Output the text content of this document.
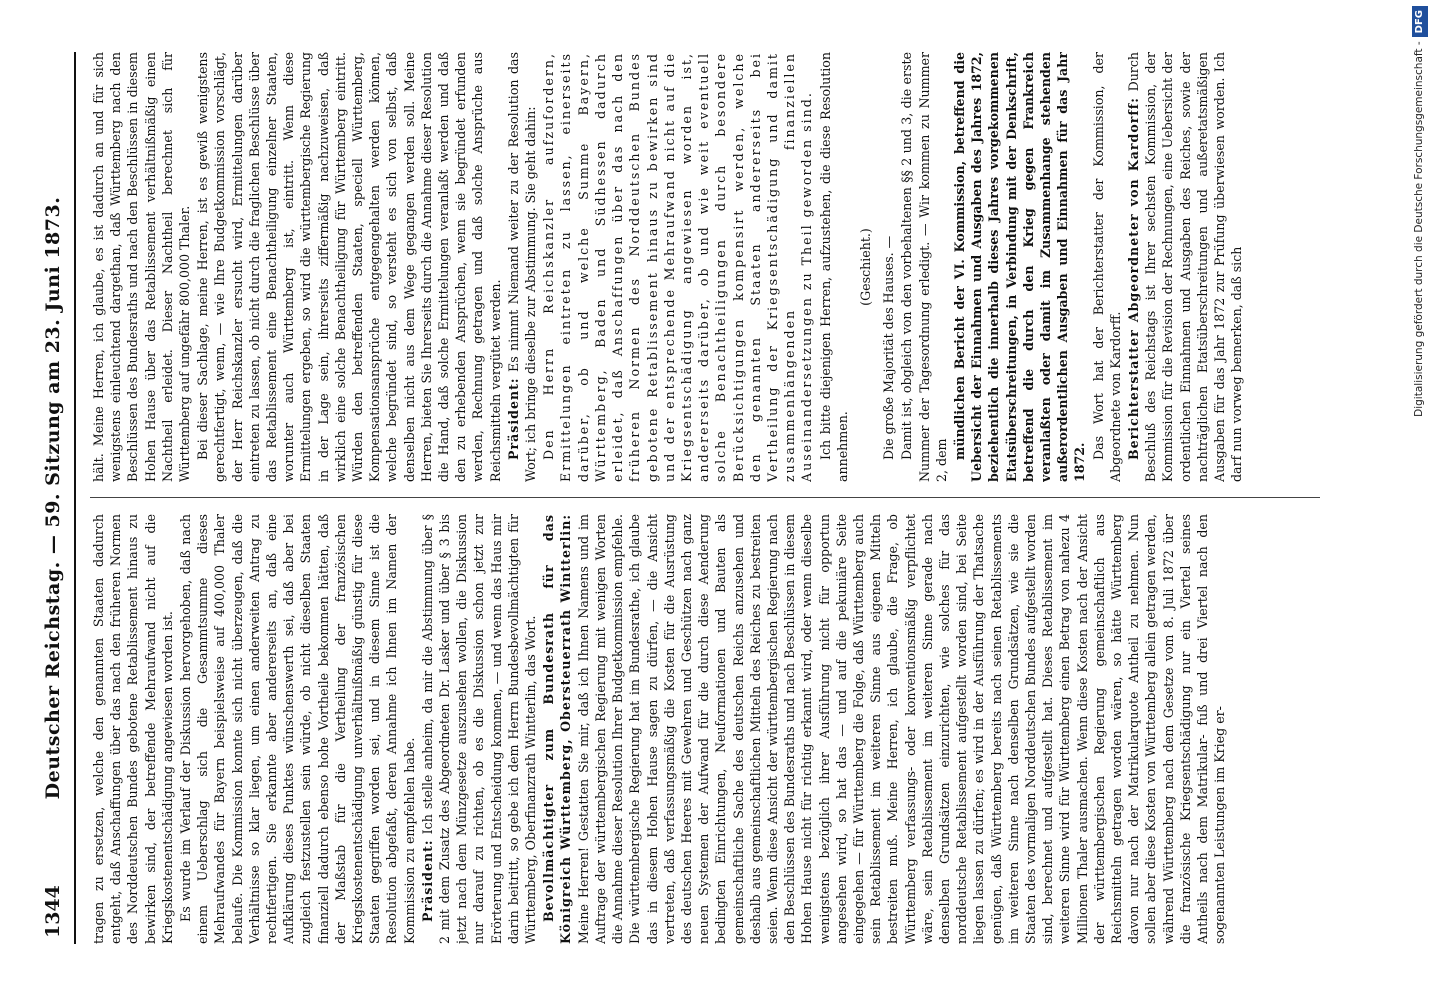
1344
Deutscher Reichstag. — 59. Sitzung am 23. Juni 1873. tragen zu ersetzen, welche den genannten Staaten dadurch entgeht, daß Anschaffungen über das nach den früheren Normen des Norddeutschen Bundes gebotene Retablissement hinaus zu bewirken sind, der betreffende Mehraufwand nicht auf die Kriegskostenentschädigung angewiesen worden ist. Es wurde im Verlauf der Diskussion hervorgehoben, daß nach einem Ueberschlag sich die Gesammtsumme dieses Mehraufwandes für Bayern beispielsweise auf 400,000 Thaler belaufe. Die Kommission konnte sich nicht überzeugen, daß die Verhältnisse so klar liegen, um einen anderweiten Antrag zu rechtfertigen. Sie erkannte aber andererseits an, daß eine Aufklärung dieses Punktes wünschenswerth sei, daß aber bei zugleich festzustellen sein würde, ob nicht dieselben Staaten finanziell dadurch ebenso hohe Vortheile bekommen hätten, daß der Maßstab für die Vertheilung der französischen Kriegskostenentschädigung unverhältnißmäßig günstig für diese Staaten gegriffen worden sei, und in diesem Sinne ist die Resolution abgefaßt, deren Annahme ich Ihnen im Namen der Kommission zu empfehlen habe. Präsident: Ich stelle anheim, da mir die Abstimmung über § 2 mit dem Zusatz des Abgeordneten Dr. Lasker und über § 3 bis jetzt nach dem Münzgesetze auszusehen wollen, die Diskussion nur darauf zu richten, ob es die Diskussion schon jetzt zur Erörterung und Entscheidung kommen, — und wenn das Haus mir darin beitritt, so gebe ich dem Herrn Bundesbevollmächtigten für Württemberg, Oberfinanzrath Wintterlin, das Wort. Bevollmächtigter zum Bundesrath für das Königreich Württemberg, Obersteuerrath Wintterlin: Meine Herren! Gestatten Sie mir, daß ich Ihnen Namens und im Auftrage der württembergischen Regierung mit wenigen Worten die Annahme dieser Resolution Ihrer Budgetkommission empfehle. Die württembergische Regierung hat im Bundesrathe, ich glaube das in diesem Hohen Hause sagen zu dürfen, — die Ansicht vertreten, daß verfassungsmäßig die Kosten für die Ausrüstung des deutschen Heeres mit Gewehren und Geschützen nach ganz neuen Systemen der Aufwand für die durch diese Aenderung bedingten Einrichtungen, Neuformationen und Bauten als gemeinschaftliche Sache des deutschen Reichs anzusehen und deshalb aus gemeinschaftlichen Mitteln des Reiches zu bestreiten seien. Wenn diese Ansicht der württembergischen Regierung nach den Beschlüssen des Bundesraths und nach Beschlüssen in diesem Hohen Hause nicht für richtig erkannt wird, oder wenn dieselbe wenigstens bezüglich ihrer Ausführung nicht für opportun angesehen wird, so hat das — und auf die pekuniäre Seite eingegehen — für Württemberg die Folge, daß Württemberg auch sein Retablissement im weiteren Sinne aus eigenen Mitteln bestreiten muß. Meine Herren, ich glaube, die Frage, ob Württemberg verfassungs- oder konventionsmäßig verpflichtet wäre, sein Retablissement im weiteren Sinne gerade nach denselben Grundsätzen einzurichten, wie solches für das norddeutsche Retablissement aufgestellt worden sind, bei Seite liegen lassen zu dürfen; es wird in der Ausführung der Thatsache genügen, daß Württemberg bereits nach seinen Retablissements im weiteren Sinne nach denselben Grundsätzen, wie sie die Staaten des vormaligen Norddeutschen Bundes aufgestellt worden sind, berechnet und aufgestellt hat. Dieses Retablissement im weiteren Sinne wird für Württemberg einen Betrag von nahezu 4 Millionen Thaler ausmachen. Wenn diese Kosten nach der Ansicht der württembergischen Regierung gemeinschaftlich aus Reichsmitteln getragen worden wären, so hätte Württemberg davon nur nach der Matrikularquote Antheil zu nehmen. Nun sollen aber diese Kosten von Württemberg allein getragen werden, während Württemberg nach dem Gesetze vom 8. Juli 1872 über die französische Kriegsentschädigung nur ein Viertel seines Antheils nach dem Matrikular- fuß und drei Viertel nach den sogenannten Leistungen im Krieg er-

hält. Meine Herren, ich glaube, es ist dadurch an und für sich wenigstens einleuchtend dargethan, daß Württemberg nach den Beschlüssen des Bundesraths und nach den Beschlüssen in diesem Hohen Hause über das Retablissement verhältnißmäßig einen Nachtheil erleidet. Dieser Nachtheil berechnet sich für Württemberg auf ungefähr 800,000 Thaler. Bei dieser Sachlage, meine Herren, ist es gewiß wenigstens gerechtfertigt, wenn, — wie Ihre Budgetkommission vorschlägt, der Herr Reichskanzler ersucht wird, Ermittelungen darüber eintreten zu lassen, ob nicht durch die fraglichen Beschlüsse über das Retablissement eine Benachtheiligung einzelner Staaten, worunter auch Württemberg ist, eintritt. Wenn diese Ermittelungen ergeben, so wird die württembergische Regierung in der Lage sein, ihrerseits ziffermäßig nachzuweisen, daß wirklich eine solche Benachtheiligung für Württemberg eintritt. Würden den betreffenden Staaten, speciell Württemberg, Kompensationsansprüche entgegengehalten werden können, welche begründet sind, so versteht es sich von selbst, daß denselben nicht aus dem Wege gegangen werden soll. Meine Herren, bieten Sie Ihrerseits durch die Annahme dieser Resolution die Hand, daß solche Ermittelungen veranlaßt werden und daß den zu erhebenden Ansprüchen, wenn sie begründet erfunden werden, Rechnung getragen und daß solche Ansprüche aus Reichsmitteln vergütet werden. Präsident: Es nimmt Niemand weiter zu der Resolution das Wort; ich bringe dieselbe zur Abstimmung. Sie geht dahin: Den Herrn Reichskanzler aufzufordern, Ermittelungen eintreten zu lassen, einerseits darüber, ob und welche Summe Bayern, Württemberg, Baden und Südhessen dadurch erleidet, daß Anschaffungen über das nach den früheren Normen des Norddeutschen Bundes gebotene Retablissement hinaus zu bewirken sind und der entsprechende Mehraufwand nicht auf die Kriegsentschädigung angewiesen worden ist, andererseits darüber, ob und wie weit eventuell solche Benachtheiligungen durch besondere Berücksichtigungen kompensirt werden, welche den genannten Staaten andererseits bei Vertheilung der Kriegsentschädigung und damit zusammenhängenden finanziellen Auseinandersetzungen zu Theil geworden sind. Ich bitte diejenigen Herren, aufzustehen, die diese Resolution annehmen.

(Geschieht.) Die große Majorität des Hauses. — Damit ist, obgleich von den vorbehaltenen §§ 2 und 3, die erste Nummer der Tagesordnung erledigt. — Wir kommen zu Nummer 2, dem

mündlichen Bericht der VI. Kommission, betreffend die Uebersicht der Einnahmen und Ausgaben des Jahres 1872, beziehentlich die innerhalb dieses Jahres vorgekommenen Etatsüberschreitungen, in Verbindung mit der Denkschrift, betreffend die durch den Krieg gegen Frankreich veranlaßten oder damit im Zusammenhange stehenden außerordentlichen Ausgaben und Einnahmen für das Jahr 1872.

Das Wort hat der Berichterstatter der Kommission, der Abgeordnete von Kardorff. Berichterstatter Abgeordneter von Kardorff: Durch Beschluß des Reichstags ist Ihrer sechsten Kommission, der Kommission für die Revision der Rechnungen, eine Uebersicht der ordentlichen Einnahmen und Ausgaben des Reiches, sowie der nachträglichen Etatsüberschreitungen und außeretatsmäßigen Ausgaben für das Jahr 1872 zur Prüfung überwiesen worden. Ich darf nun vorweg bemerken, daß sich	Digitalisierung gefördert durch die Deutsche Forschungsgemeinschaft -DFG
